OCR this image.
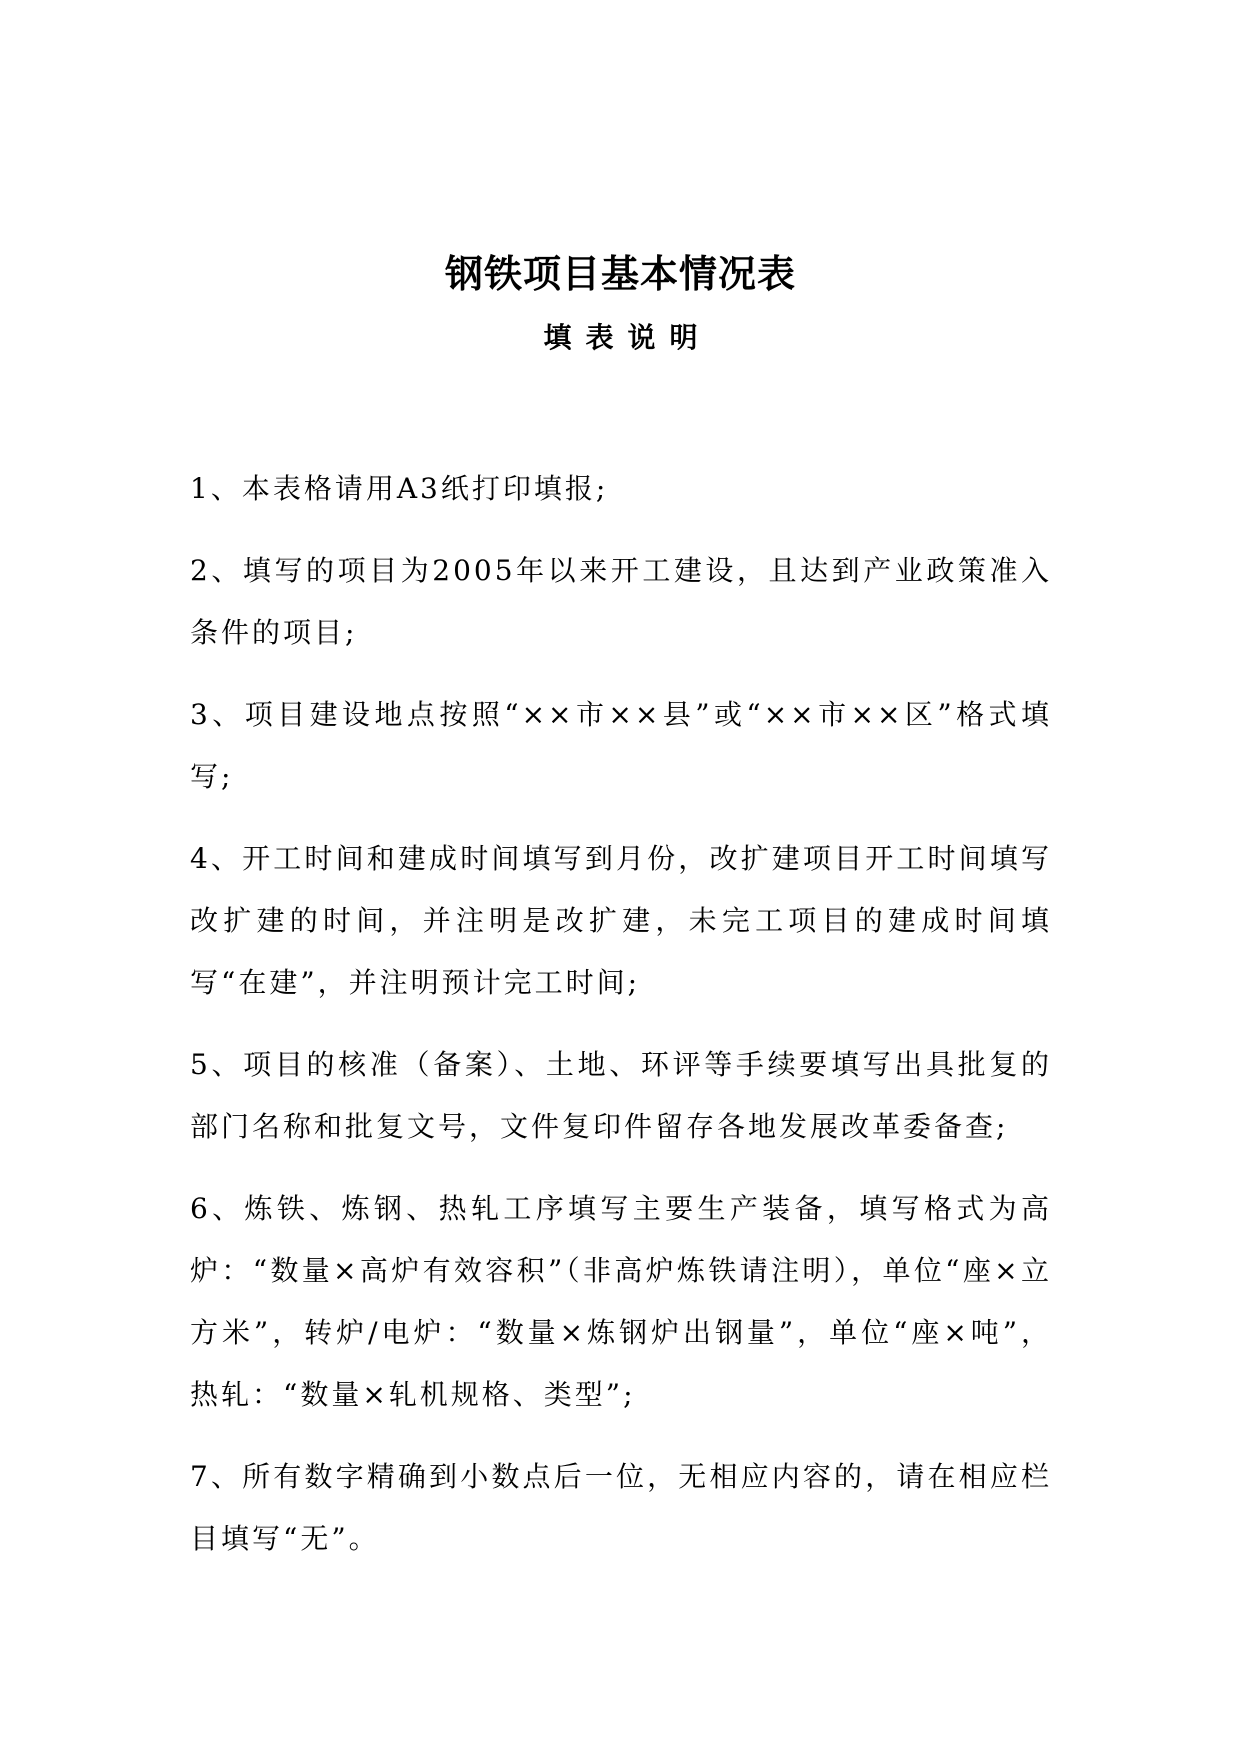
钢铁项目基本情况表
填表说明

1、本表格请用A3纸打印填报;

2、填写的项目为2005年以来开工建设，且达到产业政策准入条件的项目;

3、项目建设地点按照“××市××县”或“××市××区”格式填写;

4、开工时间和建成时间填写到月份，改扩建项目开工时间填写改扩建的时间，并注明是改扩建，未完工项目的建成时间填写“在建”，并注明预计完工时间;

5、项目的核准（备案）、土地、环评等手续要填写出具批复的部门名称和批复文号，文件复印件留存各地发展改革委备查;

6、炼铁、炼钢、热轧工序填写主要生产装备，填写格式为高炉：“数量×高炉有效容积”（非高炉炼铁请注明），单位“座×立方米”，转炉/电炉：“数量×炼钢炉出钢量”，单位“座×吨”，热轧：“数量×轧机规格、类型”;

7、所有数字精确到小数点后一位，无相应内容的，请在相应栏目填写“无”。
